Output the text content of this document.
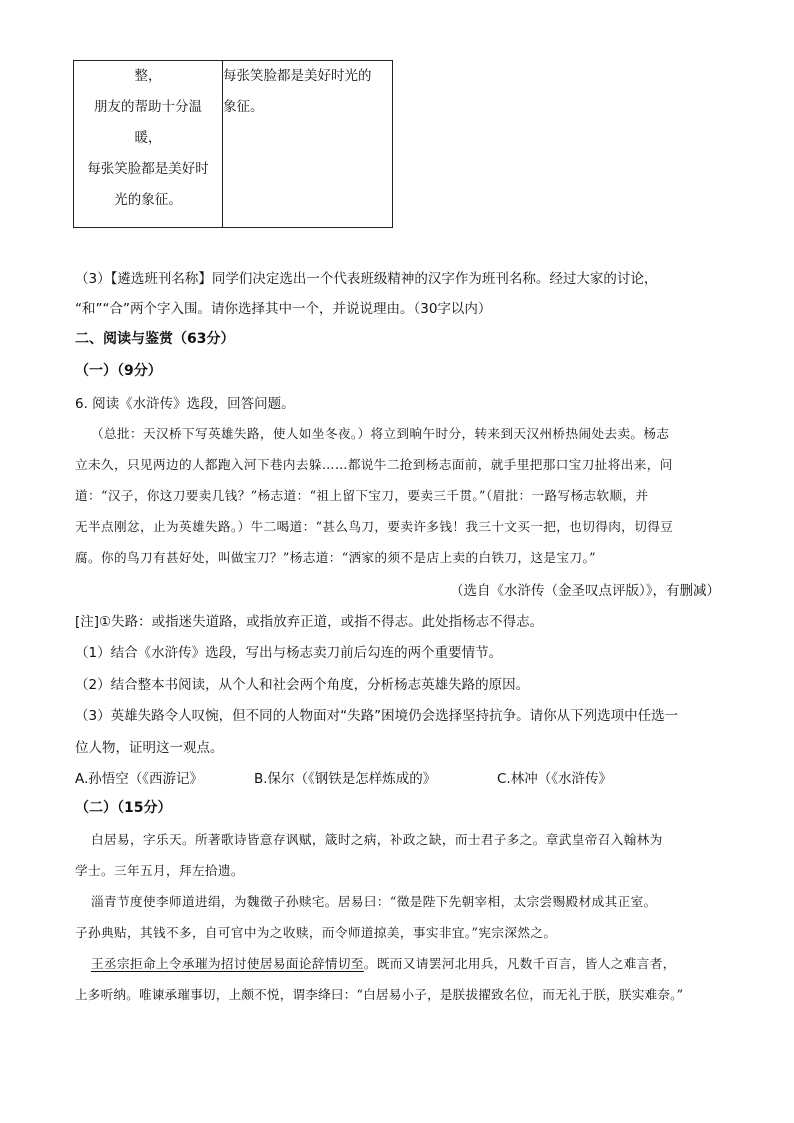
整，
朋友的帮助十分温
暖，
每张笑脸都是美好时
光的象征。

每张笑脸都是美好时光的
象征。
（3）【遴选班刊名称】同学们决定选出一个代表班级精神的汉字作为班刊名称。经过大家的讨论，
“和”“合”两个字入围。请你选择其中一个，并说说理由。（30字以内）
二、阅读与鉴赏（63分）
（一）（9分）
6. 阅读《水浒传》选段，回答问题。
（总批：天汉桥下写英雄失路，使人如坐冬夜。）将立到晌午时分，转来到天汉州桥热闹处去卖。杨志
立未久，只见两边的人都跑入河下巷内去躲……都说牛二抢到杨志面前，就手里把那口宝刀扯将出来，问
道：“汉子，你这刀要卖几钱？”杨志道：“祖上留下宝刀，要卖三千贯。”（眉批：一路写杨志软顺，并
无半点刚忿，止为英雄失路。）牛二喝道：“甚么鸟刀，要卖许多钱！我三十文买一把，也切得肉，切得豆
腐。你的鸟刀有甚好处，叫做宝刀？”杨志道：“洒家的须不是店上卖的白铁刀，这是宝刀。”
（选自《水浒传（金圣叹点评版）》，有删减）
[注]①失路：或指迷失道路，或指放弃正道，或指不得志。此处指杨志不得志。
（1）结合《水浒传》选段，写出与杨志卖刀前后勾连的两个重要情节。
（2）结合整本书阅读，从个人和社会两个角度，分析杨志英雄失路的原因。
（3）英雄失路令人叹惋，但不同的人物面对“失路”困境仍会选择坚持抗争。请你从下列选项中任选一
位人物，证明这一观点。
A.孙悟空（《西游记》	B.保尔（《钢铁是怎样炼成的》	C.林冲（《水浒传》
（二）（15分）
白居易，字乐天。所著歌诗皆意存讽赋，箴时之病，补政之缺，而士君子多之。章武皇帝召入翰林为
学士。三年五月，拜左拾遗。
淄青节度使李师道进绢，为魏徵子孙赎宅。居易曰：“徵是陛下先朝宰相，太宗尝赐殿材成其正室。
子孙典贴，其钱不多，自可官中为之收赎，而令师道掠美，事实非宜。”宪宗深然之。
王丞宗拒命上令承璀为招讨使居易面论辞情切至。既而又请罢河北用兵，凡数千百言，皆人之难言者，
上多听纳。唯谏承璀事切，上颇不悦，谓李绛曰：“白居易小子，是朕拔擢致名位，而无礼于朕，朕实难奈。”
